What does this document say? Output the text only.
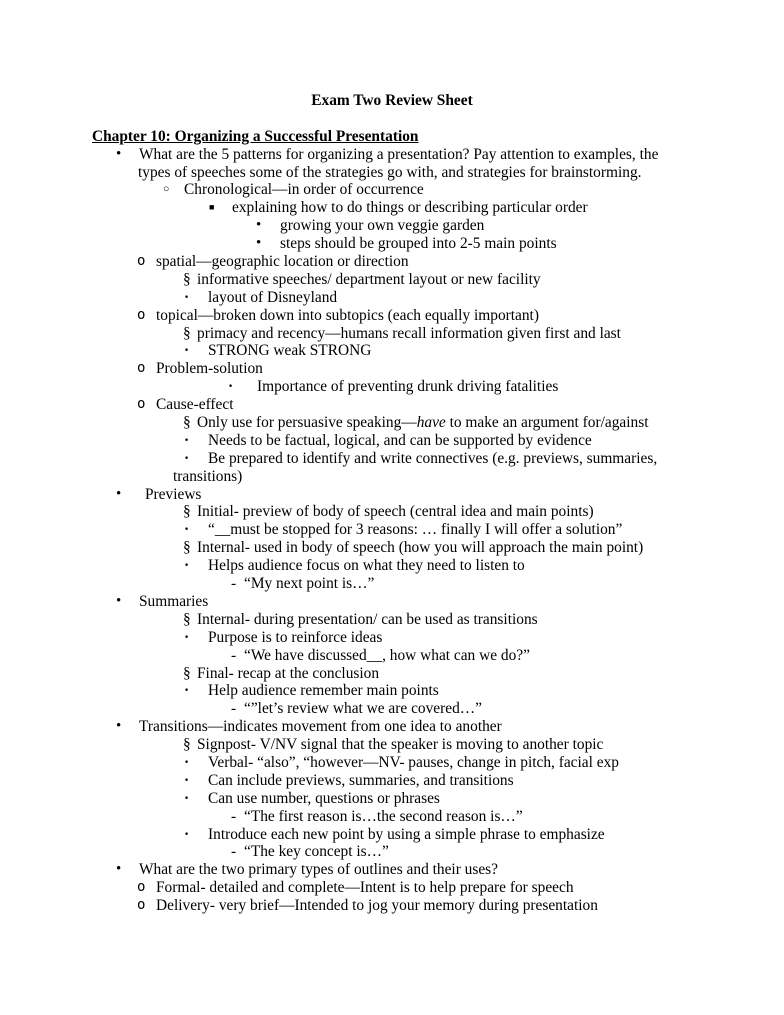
Exam Two Review Sheet
Chapter 10: Organizing a Successful Presentation
• What are the 5 patterns for organizing a presentation? Pay attention to examples, the
types of speeches some of the strategies go with, and strategies for brainstorming.
○ Chronological—in order of occurrence
■ explaining how to do things or describing particular order
• growing your own veggie garden
• steps should be grouped into 2-5 main points
o spatial—geographic location or direction
§ informative speeches/ department layout or new facility
· layout of Disneyland
o topical—broken down into subtopics (each equally important)
§ primacy and recency—humans recall information given first and last
· STRONG weak STRONG
o Problem-solution
· Importance of preventing drunk driving fatalities
o Cause-effect
§ Only use for persuasive speaking—have to make an argument for/against
· Needs to be factual, logical, and can be supported by evidence
· Be prepared to identify and write connectives (e.g. previews, summaries,
transitions)
• Previews
§ Initial- preview of body of speech (central idea and main points)
· “__must be stopped for 3 reasons: … finally I will offer a solution”
§ Internal- used in body of speech (how you will approach the main point)
· Helps audience focus on what they need to listen to
- “My next point is…”
• Summaries
§ Internal- during presentation/ can be used as transitions
· Purpose is to reinforce ideas
- “We have discussed__, how what can we do?”
§ Final- recap at the conclusion
· Help audience remember main points
- “”let’s review what we are covered…”
• Transitions—indicates movement from one idea to another
§ Signpost- V/NV signal that the speaker is moving to another topic
· Verbal- “also”, “however—NV- pauses, change in pitch, facial exp
· Can include previews, summaries, and transitions
· Can use number, questions or phrases
- “The first reason is…the second reason is…”
· Introduce each new point by using a simple phrase to emphasize
- “The key concept is…”
• What are the two primary types of outlines and their uses?
o Formal- detailed and complete—Intent is to help prepare for speech
o Delivery- very brief—Intended to jog your memory during presentation
